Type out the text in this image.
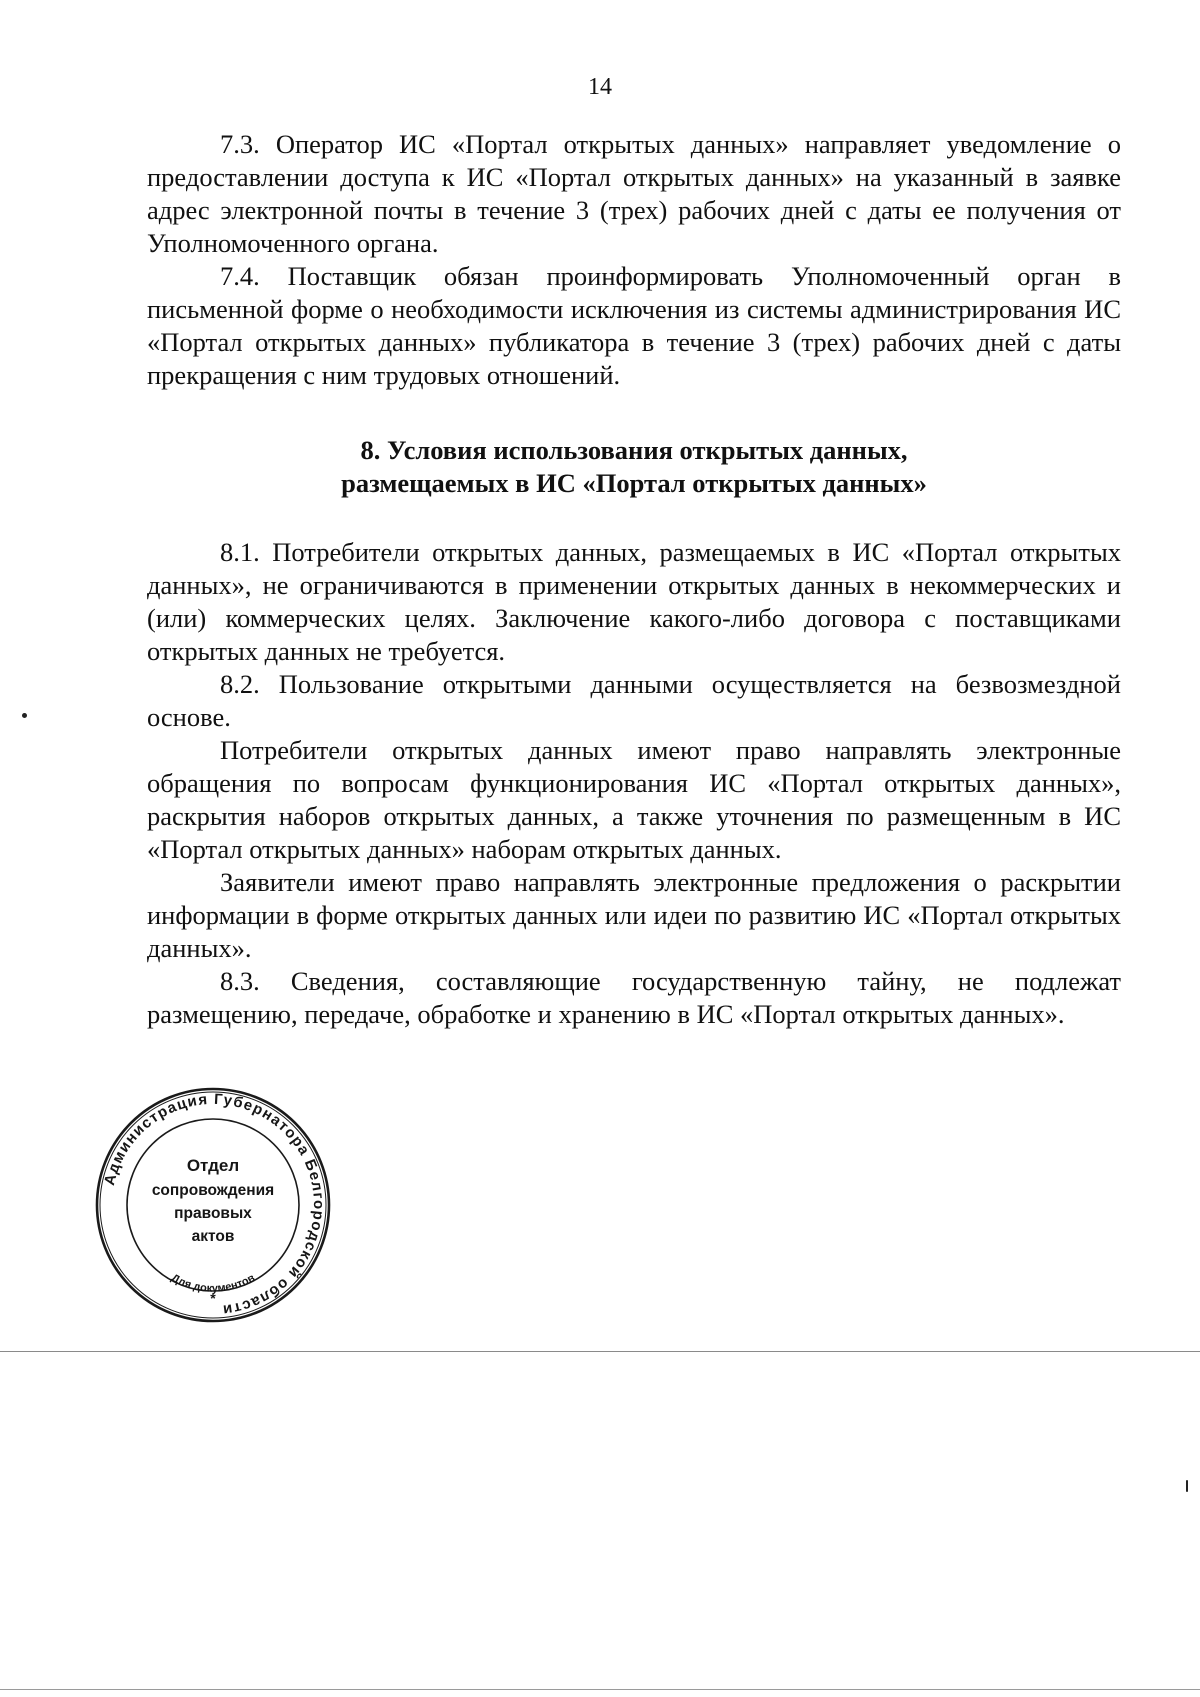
14

7.3. Оператор ИС «Портал открытых данных» направляет уведомление о предоставлении доступа к ИС «Портал открытых данных» на указанный в заявке адрес электронной почты в течение 3 (трех) рабочих дней с даты ее получения от Уполномоченного органа.

7.4. Поставщик обязан проинформировать Уполномоченный орган в письменной форме о необходимости исключения из системы администрирования ИС «Портал открытых данных» публикатора в течение 3 (трех) рабочих дней с даты прекращения с ним трудовых отношений.

8. Условия использования открытых данных,
размещаемых в ИС «Портал открытых данных»

8.1. Потребители открытых данных, размещаемых в ИС «Портал открытых данных», не ограничиваются в применении открытых данных в некоммерческих и (или) коммерческих целях. Заключение какого-либо договора с поставщиками открытых данных не требуется.

8.2. Пользование открытыми данными осуществляется на безвозмездной основе.

Потребители открытых данных имеют право направлять электронные обращения по вопросам функционирования ИС «Портал открытых данных», раскрытия наборов открытых данных, а также уточнения по размещенным в ИС «Портал открытых данных» наборам открытых данных.

Заявители имеют право направлять электронные предложения о раскрытии информации в форме открытых данных или идеи по развитию ИС «Портал открытых данных».

8.3. Сведения, составляющие государственную тайну, не подлежат размещению, передаче, обработке и хранению в ИС «Портал открытых данных».

Администрация Губернатора Белгородской области
Для документов
Отдел
сопровождения
правовых
актов
*
